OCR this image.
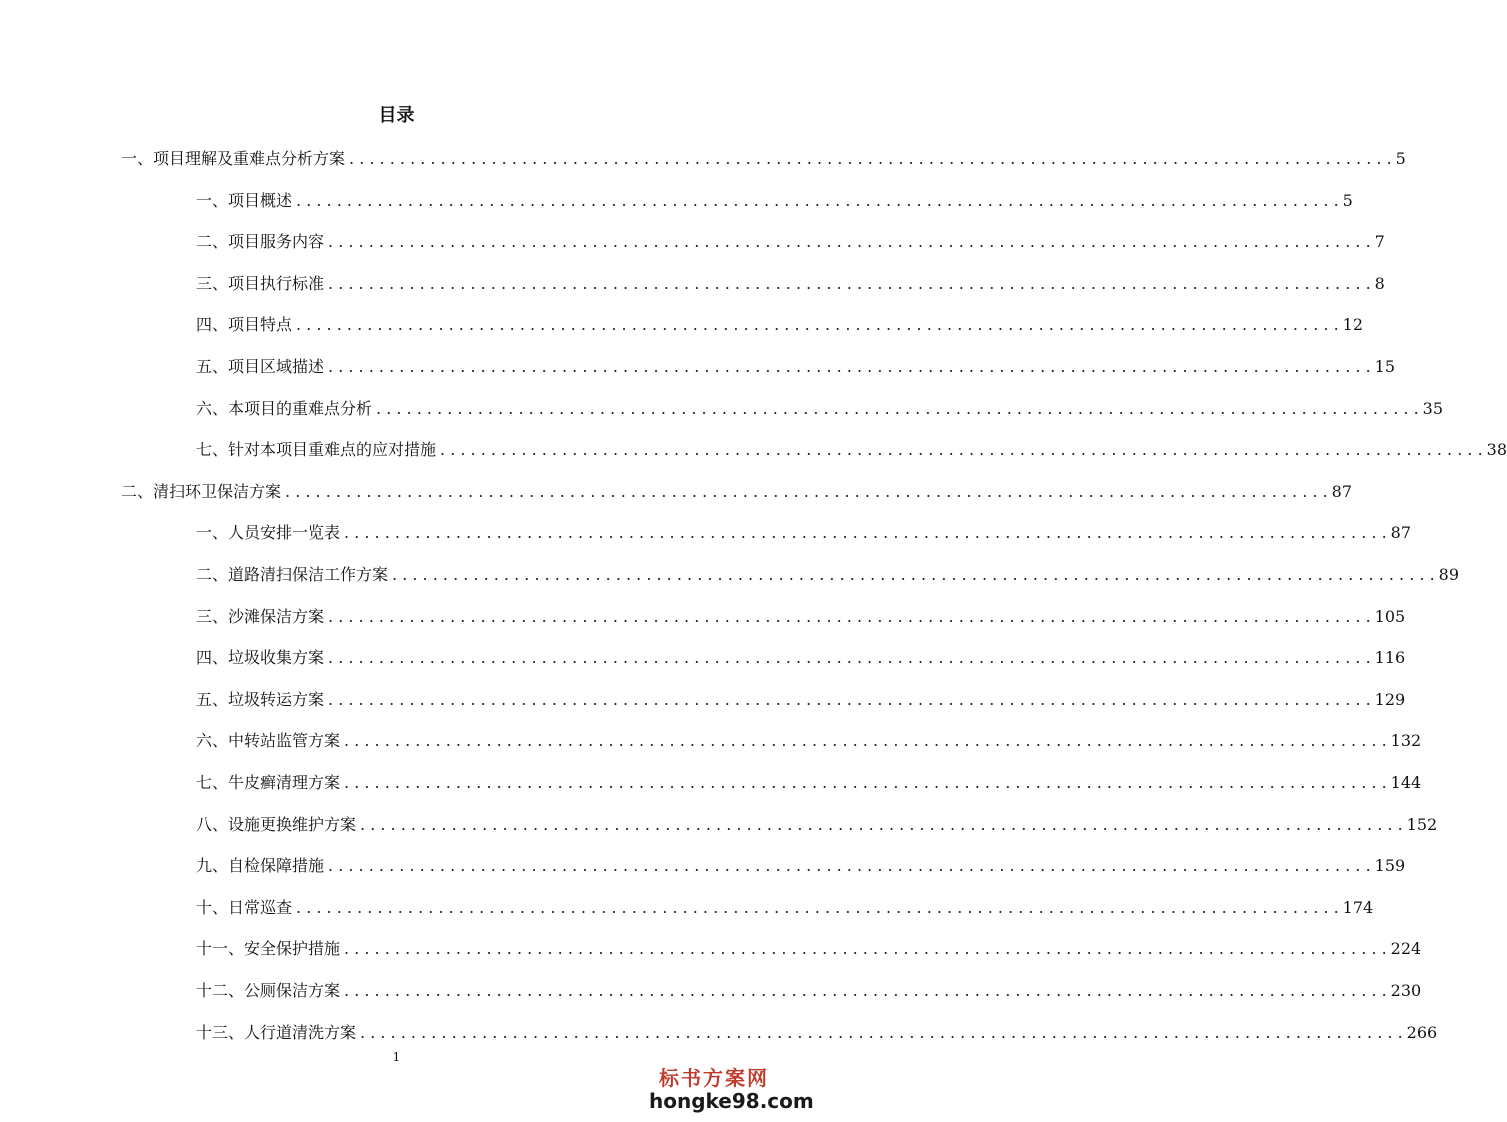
目录
一、 项目理解及重难点分析方案 . . .	5
一、 项目概述 . . .	5
二、 项目服务内容 . . .	7
三、 项目执行标准 . . .	8
四、 项目特点 . . .	12
五、 项目区域描述 . . .	15
六、 本项目的重难点分析 . . .	35
七、 针对本项目重难点的应对措施 . . .	38
二、 清扫环卫保洁方案 . . .	87
一、 人员安排一览表 . . .	87
二、 道路清扫保洁工作方案 . . .	89
三、 沙滩保洁方案 . . .	105
四、 垃圾收集方案 . . .	116
五、 垃圾转运方案 . . .	129
六、 中转站监管方案 . . .	132
七、 牛皮癣清理方案 . . .	144
八、 设施更换维护方案 . . .	152
九、 自检保障措施 . . .	159
十、 日常巡查 . . .	174
十一、 安全保护措施 . . .	224
十二、 公厕保洁方案 . . .	230
十三、 人行道清洗方案 . . .	266
1
标书方案网
hongke98.com
